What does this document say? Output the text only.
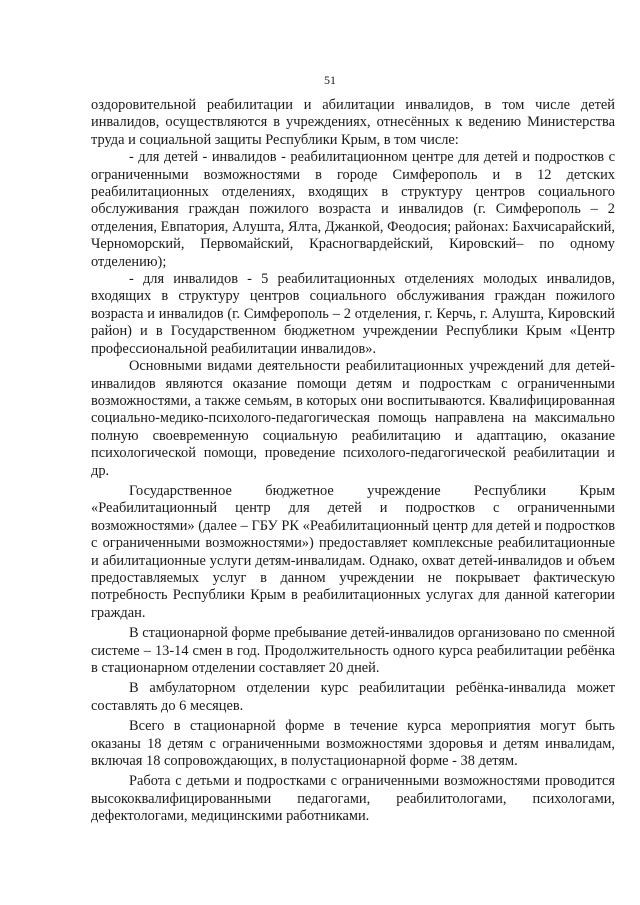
51

оздоровительной реабилитации и абилитации инвалидов, в том числе детей инвалидов, осуществляются в учреждениях, отнесённых к ведению Министерства труда и социальной защиты Республики Крым, в том числе:

- для детей - инвалидов - реабилитационном центре для детей и подростков с ограниченными возможностями в городе Симферополь и в 12 детских реабилитационных отделениях, входящих в структуру центров социального обслуживания граждан пожилого возраста и инвалидов (г. Симферополь – 2 отделения, Евпатория, Алушта, Ялта, Джанкой, Феодосия; районах: Бахчисарайский, Черноморский, Первомайский, Красногвардейский, Кировский– по одному отделению);

- для инвалидов - 5 реабилитационных отделениях молодых инвалидов, входящих в структуру центров социального обслуживания граждан пожилого возраста и инвалидов (г. Симферополь – 2 отделения, г. Керчь, г. Алушта, Кировский район) и в Государственном бюджетном учреждении Республики Крым «Центр профессиональной реабилитации инвалидов».

Основными видами деятельности реабилитационных учреждений для детей-инвалидов являются оказание помощи детям и подросткам с ограниченными возможностями, а также семьям, в которых они воспитываются. Квалифицированная социально-медико-психолого-педагогическая помощь направлена на максимально полную своевременную социальную реабилитацию и адаптацию, оказание психологической помощи, проведение психолого-педагогической реабилитации и др.

Государственное бюджетное учреждение Республики Крым «Реабилитационный центр для детей и подростков с ограниченными возможностями» (далее – ГБУ РК «Реабилитационный центр для детей и подростков с ограниченными возможностями») предоставляет комплексные реабилитационные и абилитационные услуги детям-инвалидам. Однако, охват детей-инвалидов и объем предоставляемых услуг в данном учреждении не покрывает фактическую потребность Республики Крым в реабилитационных услугах для данной категории граждан.

В стационарной форме пребывание детей-инвалидов организовано по сменной системе – 13-14 смен в год. Продолжительность одного курса реабилитации ребёнка в стационарном отделении составляет 20 дней.

В амбулаторном отделении курс реабилитации ребёнка-инвалида может составлять до 6 месяцев.

Всего в стационарной форме в течение курса мероприятия могут быть оказаны 18 детям с ограниченными возможностями здоровья и детям инвалидам, включая 18 сопровождающих, в полустационарной форме - 38 детям.

Работа с детьми и подростками с ограниченными возможностями проводится высококвалифицированными педагогами, реабилитологами, психологами, дефектологами, медицинскими работниками.
